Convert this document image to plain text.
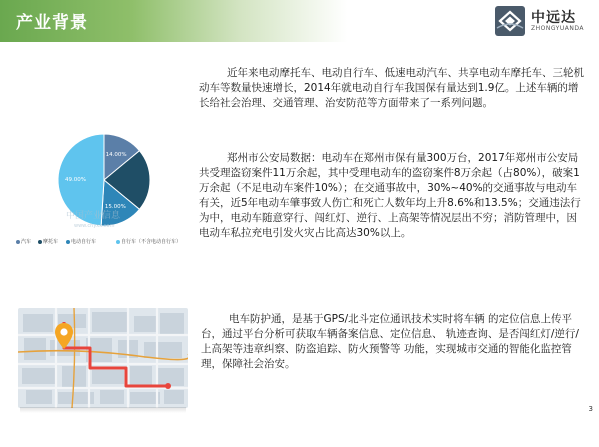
产业背景	中远达
ZHONGYUANDA
14.00%
15.00%
49.00%
中国产业信息
www.chyxx.com
汽车	摩托车	电动自行车	自行车（不含电动自行车）
近年来电动摩托车、电动自行车、低速电动汽车、共享电动车摩托车、三轮机动车等数量快速增长，2014年就电动自行车我国保有量达到1.9亿。上述车辆的增长给社会治理、交通管理、治安防范等方面带来了一系列问题。
郑州市公安局数据：电动车在郑州市保有量300万台，2017年郑州市公安局共受理盗窃案件11万余起，其中受理电动车的盗窃案件8万余起（占80%），破案1万余起（不足电动车案件10%）；在交通事故中，30%~40%的交通事故与电动车有关，近5年电动车肇事致人伤亡和死亡人数年均上升8.6%和13.5%；交通违法行为中，电动车随意穿行、闯红灯、逆行、上高架等情况层出不穷；消防管理中，因电动车私拉充电引发火灾占比高达30%以上。
电车防护通，是基于GPS/北斗定位通讯技术实时将车辆 的定位信息上传平台，通过平台分析可获取车辆备案信息、定位信息、 轨迹查询、是否闯红灯/逆行/上高架等违章纠察、防盗追踪、防火预警等 功能，实现城市交通的智能化监控管理，保障社会治安。
3
